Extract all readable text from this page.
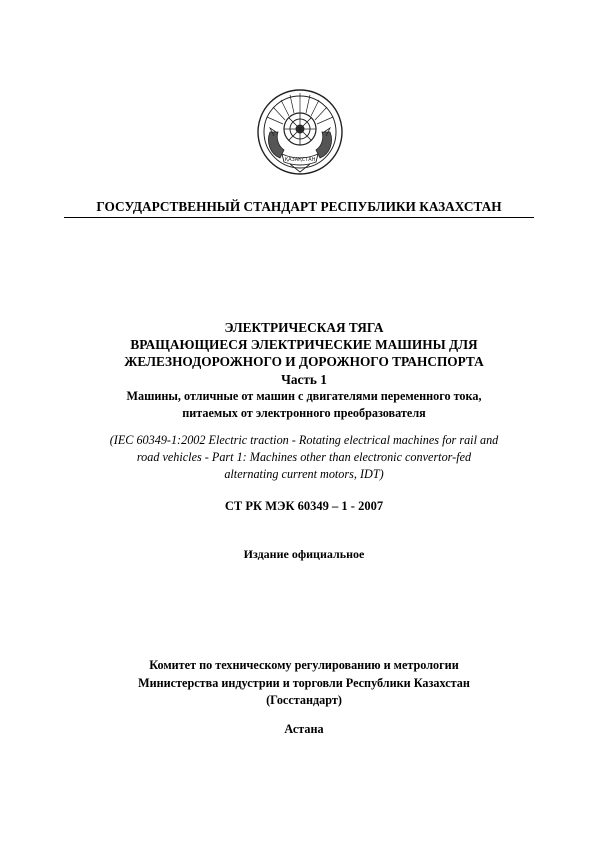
ҚАЗАҚСТАН
ГОСУДАРСТВЕННЫЙ СТАНДАРТ РЕСПУБЛИКИ КАЗАХСТАН
ЭЛЕКТРИЧЕСКАЯ ТЯГА
ВРАЩАЮЩИЕСЯ ЭЛЕКТРИЧЕСКИЕ МАШИНЫ ДЛЯ
ЖЕЛЕЗНОДОРОЖНОГО И ДОРОЖНОГО ТРАНСПОРТА
Часть 1
Машины, отличные от машин с двигателями переменного тока,
питаемых от электронного преобразователя
(IEC 60349-1:2002 Electric traction - Rotating electrical machines for rail and
road vehicles - Part 1: Machines other than electronic convertor-fed
alternating current motors, IDT)
СТ РК МЭК 60349 – 1 - 2007
Издание официальное
Комитет по техническому регулированию и метрологии
Министерства индустрии и торговли Республики Казахстан
(Госстандарт)
Астана
